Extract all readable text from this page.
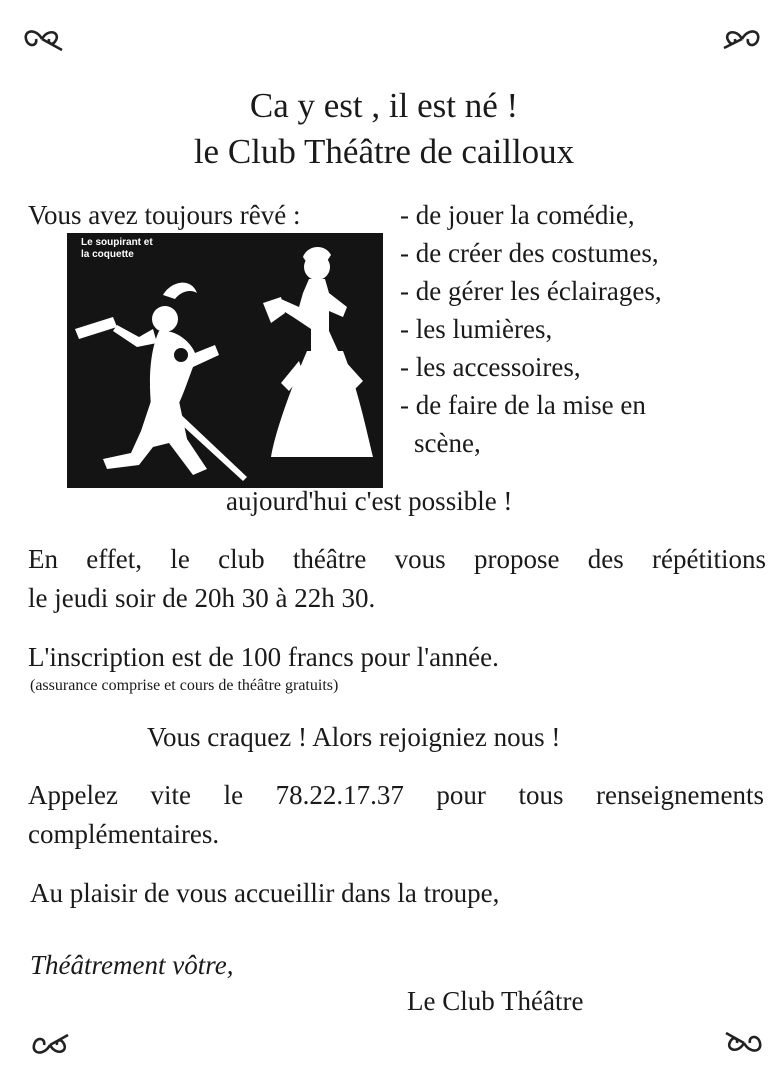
Ca y est , il est né !
le Club Théâtre de cailloux
Vous avez toujours rêvé :
Le soupirant et
la coquette
- de jouer la comédie,
- de créer des costumes,
- de gérer les éclairages,
- les lumières,
- les accessoires,
- de faire de la mise en
scène,
aujourd'hui c'est possible !
En effet, le club théâtre vous propose des répétitions
le jeudi soir de 20h 30 à 22h 30.
L'inscription est de 100 francs pour l'année.
(assurance comprise et cours de théâtre gratuits)
Vous craquez ! Alors rejoigniez nous !
Appelez vite le 78.22.17.37 pour tous renseignements
complémentaires.
Au plaisir de vous accueillir dans la troupe,
Théâtrement vôtre,
Le Club Théâtre
